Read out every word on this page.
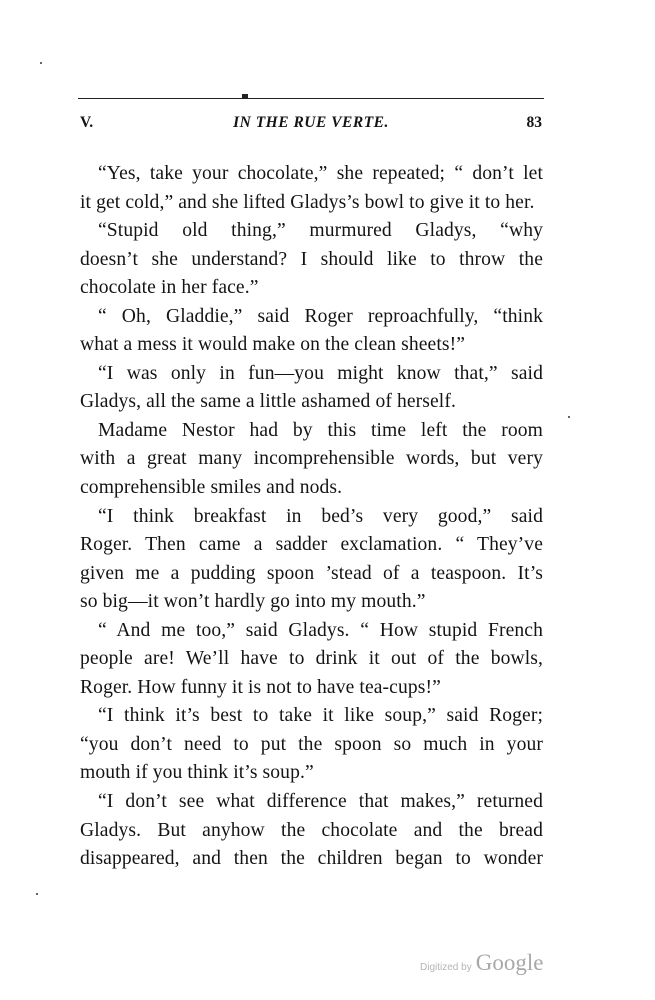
V.	IN THE RUE VERTE.	83
“Yes, take your chocolate,” she repeated; “ don’t let
it get cold,” and she lifted Gladys’s bowl to give it to her.
“Stupid old thing,” murmured Gladys, “why
doesn’t she understand? I should like to throw the
chocolate in her face.”
“ Oh, Gladdie,” said Roger reproachfully, “think
what a mess it would make on the clean sheets!”
“I was only in fun—you might know that,” said
Gladys, all the same a little ashamed of herself.
Madame Nestor had by this time left the room
with a great many incomprehensible words, but very
comprehensible smiles and nods.
“I think breakfast in bed’s very good,” said
Roger. Then came a sadder exclamation. “ They’ve
given me a pudding spoon ’stead of a teaspoon. It’s
so big—it won’t hardly go into my mouth.”
“ And me too,” said Gladys. “ How stupid French
people are! We’ll have to drink it out of the bowls,
Roger. How funny it is not to have tea-cups!”
“I think it’s best to take it like soup,” said Roger;
“you don’t need to put the spoon so much in your
mouth if you think it’s soup.”
“I don’t see what difference that makes,” returned
Gladys. But anyhow the chocolate and the bread
disappeared, and then the children began to wonder
Digitized by Google
